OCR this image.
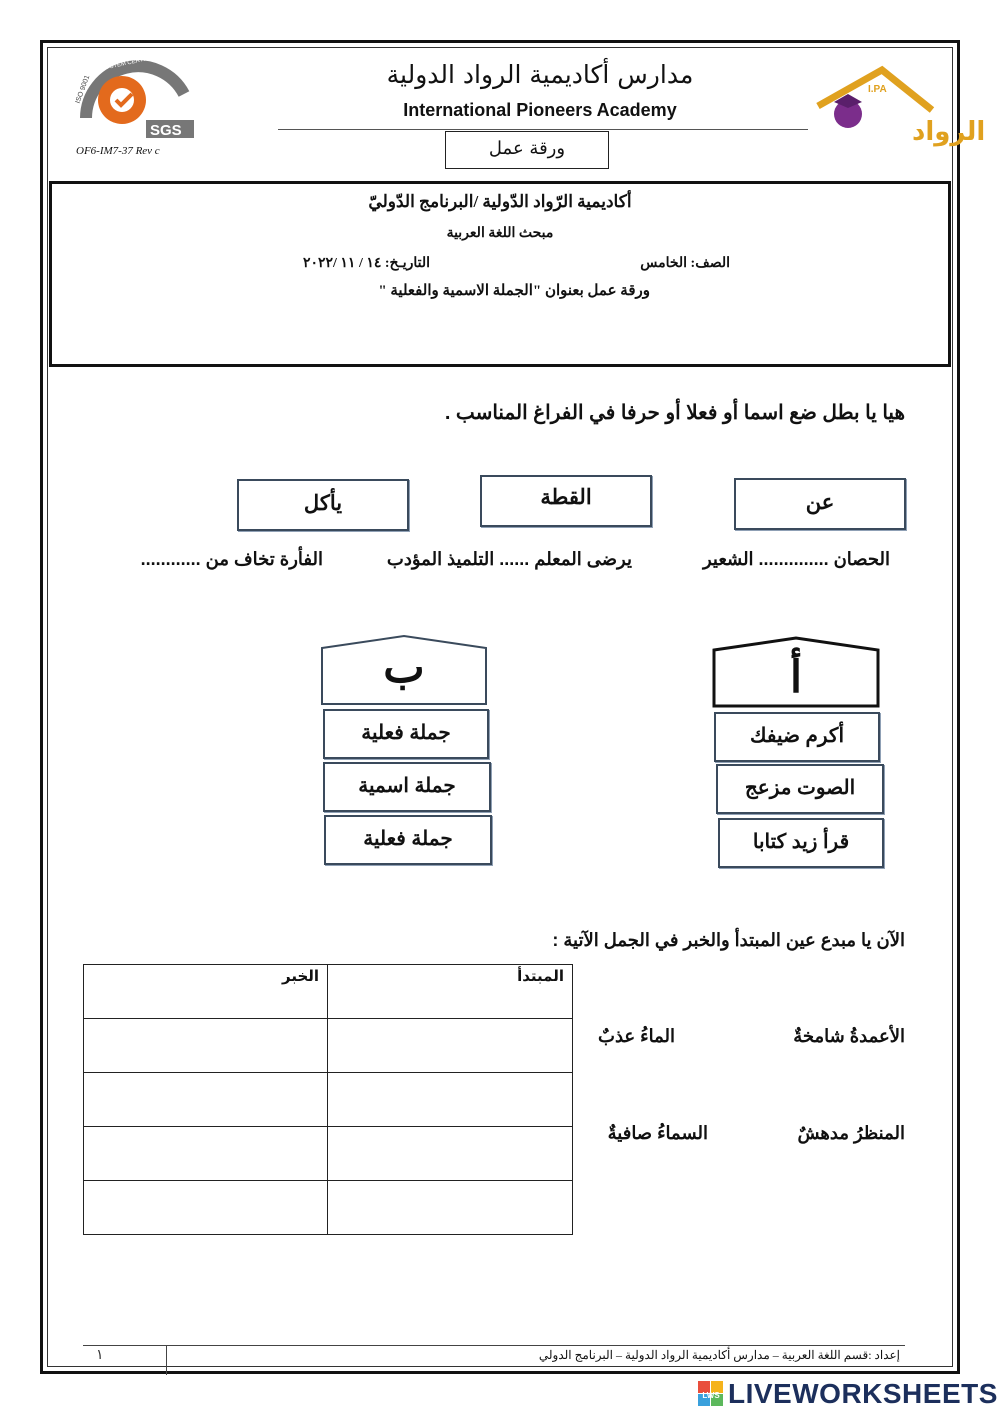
SGS
ISO 9001
SYSTEM CERTIFICATION
OF6-IM7-37 Rev c
مدارس أكاديمية الرواد الدولية
International Pioneers Academy
ورقة عمل
I.PA
الرواد
أكاديمية الرّواد الدّولية /البرنامج الدّوليّ
مبحث اللغة العربية
الصف: الخامس
التاريـخ: ١٤ / ١١ /٢٠٢٢
ورقة عمل بعنوان "الجملة الاسمية والفعلية "
هيا يا بطل ضع اسما أو فعلا أو حرفا في الفراغ المناسب .
عن
القطة
يأكل
الحصان .............. الشعير
يرضى المعلم ...... التلميذ المؤدب
الفأرة تخاف من ............
أ
ب
أكرم ضيفك
الصوت مزعج
قرأ زيد كتابا
جملة فعلية
جملة اسمية
جملة فعلية
الآن يا مبدع عين المبتدأ والخبر في الجمل الآتية :
المبتدأ	الخبر

الأعمدةُ شامخةٌ
الماءُ عذبٌ
المنظرُ مدهشٌ
السماءُ صافيةٌ
إعداد :قسم اللغة العربية – مدارس أكاديمية الرواد الدولية – البرنامج الدولي
١
LWS LIVEWORKSHEETS
